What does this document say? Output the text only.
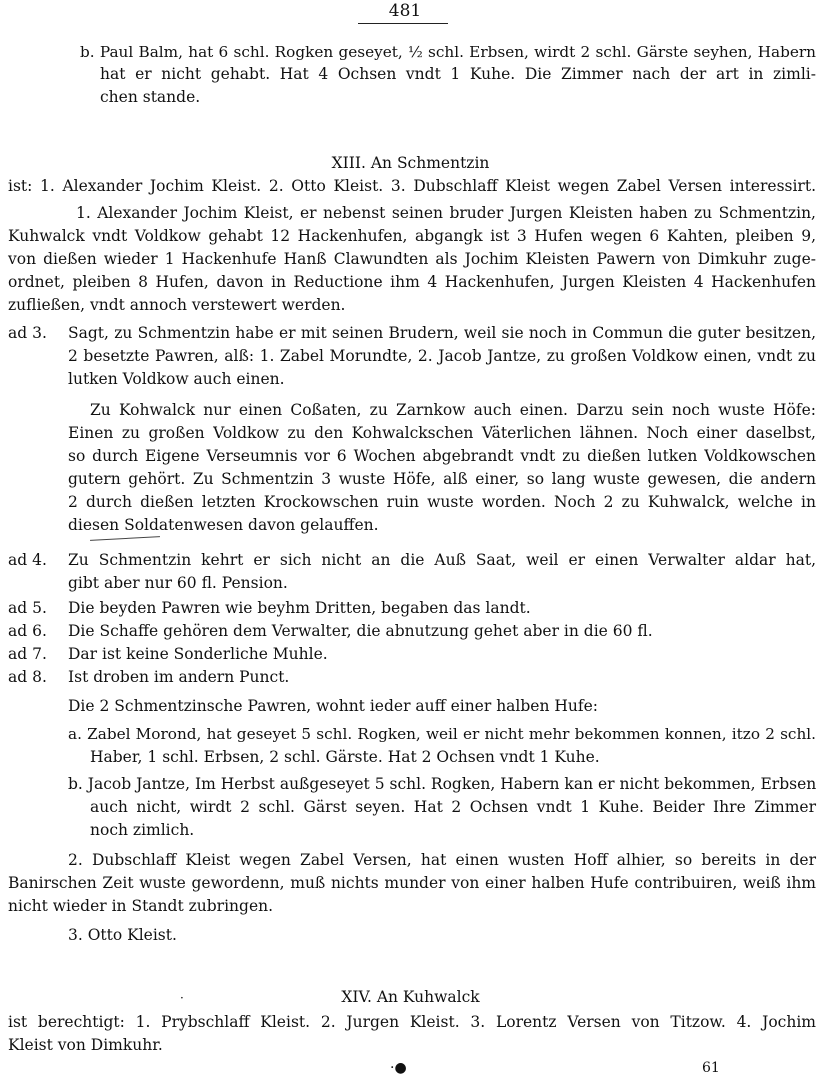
481
b. Paul Balm, hat 6 schl. Rogken geseyet, ½ schl. Erbsen, wirdt 2 schl. Gärste seyhen, Habern
hat er nicht gehabt. Hat 4 Ochsen vndt 1 Kuhe. Die Zimmer nach der art in zimli-
chen stande.
XIII. An Schmentzin
ist: 1. Alexander Jochim Kleist. 2. Otto Kleist. 3. Dubschlaff Kleist wegen Zabel Versen interessirt.
1. Alexander Jochim Kleist, er nebenst seinen bruder Jurgen Kleisten haben zu Schmentzin,
Kuhwalck vndt Voldkow gehabt 12 Hackenhufen, abgangk ist 3 Hufen wegen 6 Kahten, pleiben 9,
von dießen wieder 1 Hackenhufe Hanß Clawundten als Jochim Kleisten Pawern von Dimkuhr zuge-
ordnet, pleiben 8 Hufen, davon in Reductione ihm 4 Hackenhufen, Jurgen Kleisten 4 Hackenhufen
zufließen, vndt annoch verstewert werden.
ad 3. Sagt, zu Schmentzin habe er mit seinen Brudern, weil sie noch in Commun die guter besitzen,
2 besetzte Pawren, alß: 1. Zabel Morundte, 2. Jacob Jantze, zu großen Voldkow einen, vndt zu
lutken Voldkow auch einen.
Zu Kohwalck nur einen Coßaten, zu Zarnkow auch einen. Darzu sein noch wuste Höfe:
Einen zu großen Voldkow zu den Kohwalckschen Väterlichen lähnen. Noch einer daselbst,
so durch Eigene Verseumnis vor 6 Wochen abgebrandt vndt zu dießen lutken Voldkowschen
gutern gehört. Zu Schmentzin 3 wuste Höfe, alß einer, so lang wuste gewesen, die andern
2 durch dießen letzten Krockowschen ruin wuste worden. Noch 2 zu Kuhwalck, welche in
diesen Soldatenwesen davon gelauffen.
ad 4. Zu Schmentzin kehrt er sich nicht an die Auß Saat, weil er einen Verwalter aldar hat,
gibt aber nur 60 fl. Pension.
ad 5. Die beyden Pawren wie beyhm Dritten, begaben das landt.
ad 6. Die Schaffe gehören dem Verwalter, die abnutzung gehet aber in die 60 fl.
ad 7. Dar ist keine Sonderliche Muhle.
ad 8. Ist droben im andern Punct.
Die 2 Schmentzinsche Pawren, wohnt ieder auff einer halben Hufe:
a. Zabel Morond, hat geseyet 5 schl. Rogken, weil er nicht mehr bekommen konnen, itzo 2 schl.
Haber, 1 schl. Erbsen, 2 schl. Gärste. Hat 2 Ochsen vndt 1 Kuhe.
b. Jacob Jantze, Im Herbst außgeseyet 5 schl. Rogken, Habern kan er nicht bekommen, Erbsen
auch nicht, wirdt 2 schl. Gärst seyen. Hat 2 Ochsen vndt 1 Kuhe. Beider Ihre Zimmer
noch zimlich.
2. Dubschlaff Kleist wegen Zabel Versen, hat einen wusten Hoff alhier, so bereits in der
Banirschen Zeit wuste gewordenn, muß nichts munder von einer halben Hufe contribuiren, weiß ihm
nicht wieder in Standt zubringen.
3. Otto Kleist.
·	XIV. An Kuhwalck
ist berechtigt: 1. Prybschlaff Kleist. 2. Jurgen Kleist. 3. Lorentz Versen von Titzow. 4. Jochim
Kleist von Dimkuhr.
·●	61
